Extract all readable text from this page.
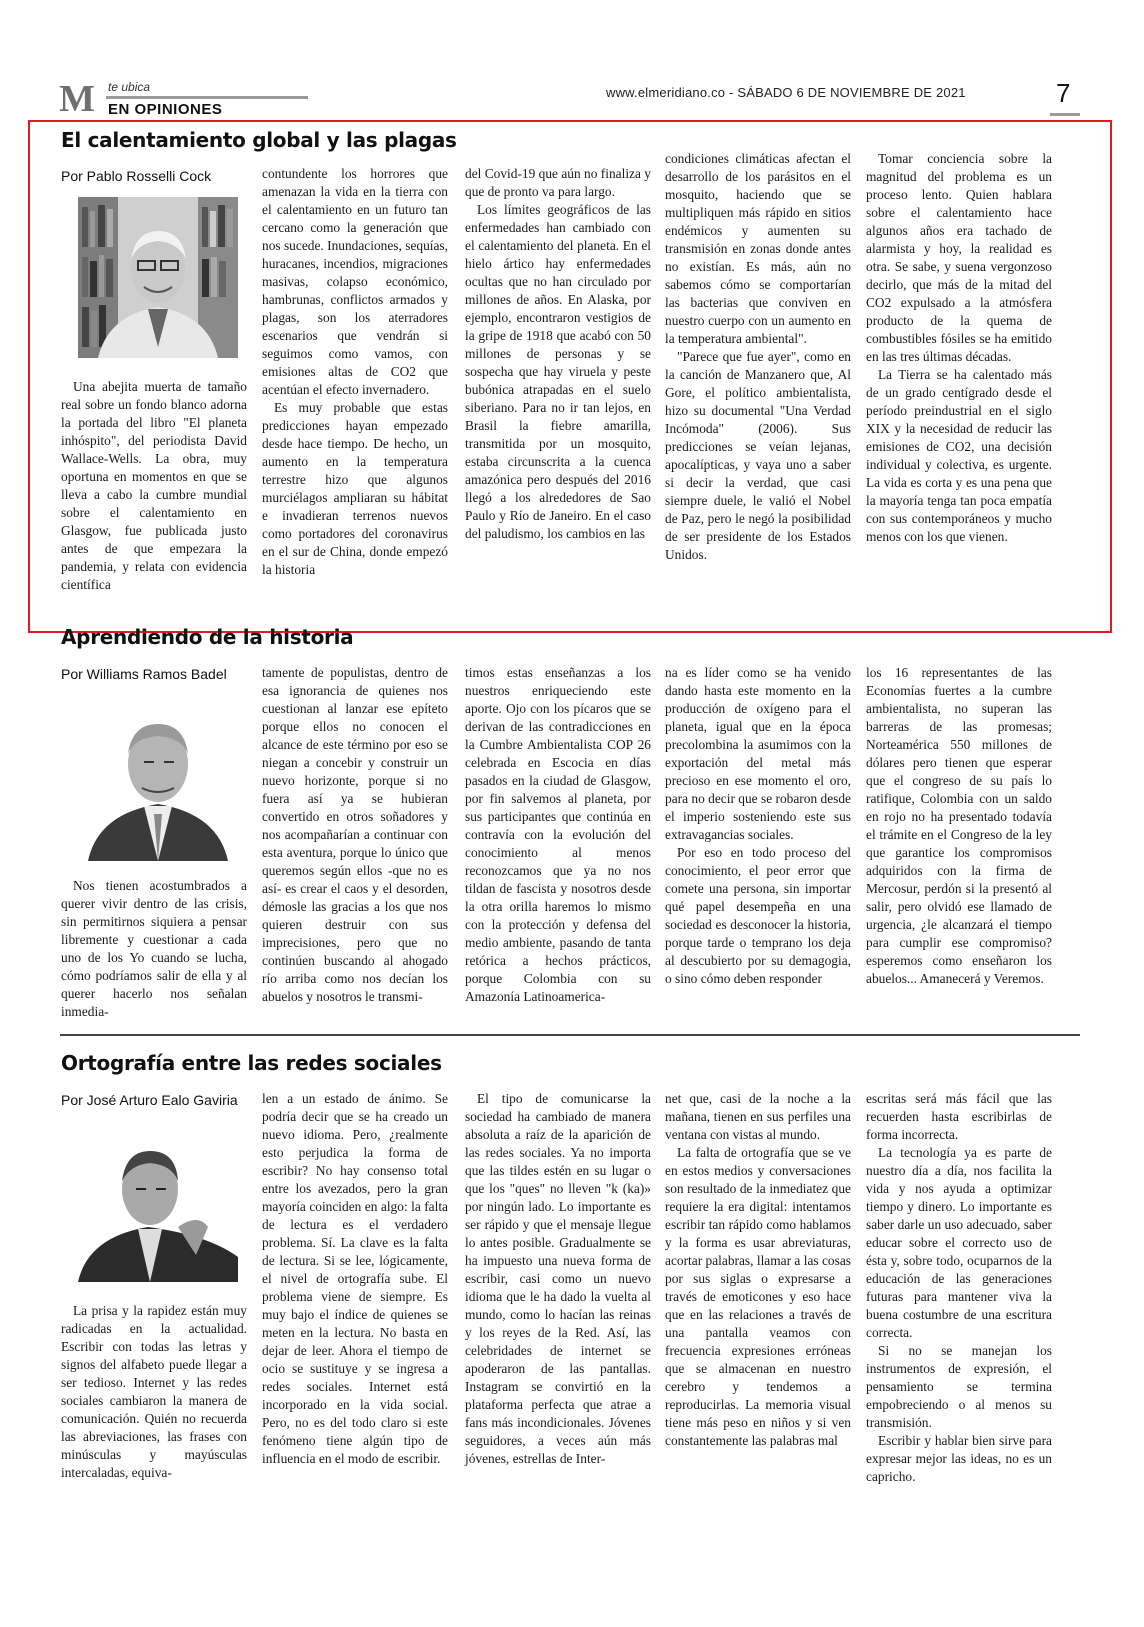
M te ubica
EN OPINIONES
www.elmeridiano.co - SÁBADO 6 DE NOVIEMBRE DE 2021	7
El calentamiento global y las plagas
Por Pablo Rosselli Cock

Una abejita muerta de tamaño real sobre un fondo blanco adorna la portada del libro "El planeta inhóspito", del periodista David Wallace-Wells. La obra, muy oportuna en momentos en que se lleva a cabo la cumbre mundial sobre el calentamiento en Glasgow, fue publicada justo antes de que empezara la pandemia, y relata con evidencia científica

contundente los horrores que amenazan la vida en la tierra con el calentamiento en un futuro tan cercano como la generación que nos sucede. Inundaciones, sequías, huracanes, incendios, migraciones masivas, colapso económico, hambrunas, conflictos armados y plagas, son los aterradores escenarios que vendrán si seguimos como vamos, con emisiones altas de CO2 que acentúan el efecto invernadero.

Es muy probable que estas predicciones hayan empezado desde hace tiempo. De hecho, un aumento en la temperatura terrestre hizo que algunos murciélagos ampliaran su hábitat e invadieran terrenos nuevos como portadores del coronavirus en el sur de China, donde empezó la historia

del Covid-19 que aún no finaliza y que de pronto va para largo.

Los límites geográficos de las enfermedades han cambiado con el calentamiento del planeta. En el hielo ártico hay enfermedades ocultas que no han circulado por millones de años. En Alaska, por ejemplo, encontraron vestigios de la gripe de 1918 que acabó con 50 millones de personas y se sospecha que hay viruela y peste bubónica atrapadas en el suelo siberiano. Para no ir tan lejos, en Brasil la fiebre amarilla, transmitida por un mosquito, estaba circunscrita a la cuenca amazónica pero después del 2016 llegó a los alrededores de Sao Paulo y Río de Janeiro. En el caso del paludismo, los cambios en las

condiciones climáticas afectan el desarrollo de los parásitos en el mosquito, haciendo que se multipliquen más rápido en sitios endémicos y aumenten su transmisión en zonas donde antes no existían. Es más, aún no sabemos cómo se comportarían las bacterias que conviven en nuestro cuerpo con un aumento en la temperatura ambiental".

"Parece que fue ayer", como en la canción de Manzanero que, Al Gore, el político ambientalista, hizo su documental "Una Verdad Incómoda" (2006). Sus predicciones se veían lejanas, apocalípticas, y vaya uno a saber si decir la verdad, que casi siempre duele, le valió el Nobel de Paz, pero le negó la posibilidad de ser presidente de los Estados Unidos.

Tomar conciencia sobre la magnitud del problema es un proceso lento. Quien hablara sobre el calentamiento hace algunos años era tachado de alarmista y hoy, la realidad es otra. Se sabe, y suena vergonzoso decirlo, que más de la mitad del CO2 expulsado a la atmósfera producto de la quema de combustibles fósiles se ha emitido en las tres últimas décadas.

La Tierra se ha calentado más de un grado centígrado desde el período preindustrial en el siglo XIX y la necesidad de reducir las emisiones de CO2, una decisión individual y colectiva, es urgente. La vida es corta y es una pena que la mayoría tenga tan poca empatía con sus contemporáneos y mucho menos con los que vienen.

Aprendiendo de la historia
Por Williams Ramos Badel

Nos tienen acostumbrados a querer vivir dentro de las crisis, sin permitirnos siquiera a pensar libremente y cuestionar a cada uno de los Yo cuando se lucha, cómo podríamos salir de ella y al querer hacerlo nos señalan inmedia-

tamente de populistas, dentro de esa ignorancia de quienes nos cuestionan al lanzar ese epíteto porque ellos no conocen el alcance de este término por eso se niegan a concebir y construir un nuevo horizonte, porque si no fuera así ya se hubieran convertido en otros soñadores y nos acompañarían a continuar con esta aventura, porque lo único que queremos según ellos -que no es así- es crear el caos y el desorden, démosle las gracias a los que nos quieren destruir con sus imprecisiones, pero que no continúen buscando al ahogado río arriba como nos decían los abuelos y nosotros le transmi-

timos estas enseñanzas a los nuestros enriqueciendo este aporte. Ojo con los pícaros que se derivan de las contradicciones en la Cumbre Ambientalista COP 26 celebrada en Escocia en días pasados en la ciudad de Glasgow, por fin salvemos al planeta, por sus participantes que continúa en contravía con la evolución del conocimiento al menos reconozcamos que ya no nos tildan de fascista y nosotros desde la otra orilla haremos lo mismo con la protección y defensa del medio ambiente, pasando de tanta retórica a hechos prácticos, porque Colombia con su Amazonía Latinoamerica-

na es líder como se ha venido dando hasta este momento en la producción de oxígeno para el planeta, igual que en la época precolombina la asumimos con la exportación del metal más precioso en ese momento el oro, para no decir que se robaron desde el imperio sosteniendo este sus extravagancias sociales.

Por eso en todo proceso del conocimiento, el peor error que comete una persona, sin importar qué papel desempeña en una sociedad es desconocer la historia, porque tarde o temprano los deja al descubierto por su demagogia, o sino cómo deben responder

los 16 representantes de las Economías fuertes a la cumbre ambientalista, no superan las barreras de las promesas; Norteamérica 550 millones de dólares pero tienen que esperar que el congreso de su país lo ratifique, Colombia con un saldo en rojo no ha presentado todavía el trámite en el Congreso de la ley que garantice los compromisos adquiridos con la firma de Mercosur, perdón si la presentó al salir, pero olvidó ese llamado de urgencia, ¿le alcanzará el tiempo para cumplir ese compromiso? esperemos como enseñaron los abuelos... Amanecerá y Veremos.

Ortografía entre las redes sociales
Por José Arturo Ealo Gaviria

La prisa y la rapidez están muy radicadas en la actualidad. Escribir con todas las letras y signos del alfabeto puede llegar a ser tedioso. Internet y las redes sociales cambiaron la manera de comunicación. Quién no recuerda las abreviaciones, las frases con minúsculas y mayúsculas intercaladas, equiva-

len a un estado de ánimo. Se podría decir que se ha creado un nuevo idioma. Pero, ¿realmente esto perjudica la forma de escribir? No hay consenso total entre los avezados, pero la gran mayoría coinciden en algo: la falta de lectura es el verdadero problema. Sí. La clave es la falta de lectura. Si se lee, lógicamente, el nivel de ortografía sube. El problema viene de siempre. Es muy bajo el índice de quienes se meten en la lectura. No basta en dejar de leer. Ahora el tiempo de ocio se sustituye y se ingresa a redes sociales. Internet está incorporado en la vida social. Pero, no es del todo claro si este fenómeno tiene algún tipo de influencia en el modo de escribir.

El tipo de comunicarse la sociedad ha cambiado de manera absoluta a raíz de la aparición de las redes sociales. Ya no importa que las tildes estén en su lugar o que los "ques" no lleven "k (ka)» por ningún lado. Lo importante es ser rápido y que el mensaje llegue lo antes posible. Gradualmente se ha impuesto una nueva forma de escribir, casi como un nuevo idioma que le ha dado la vuelta al mundo, como lo hacían las reinas y los reyes de la Red. Así, las celebridades de internet se apoderaron de las pantallas. Instagram se convirtió en la plataforma perfecta que atrae a fans más incondicionales. Jóvenes seguidores, a veces aún más jóvenes, estrellas de Inter-

net que, casi de la noche a la mañana, tienen en sus perfiles una ventana con vistas al mundo.

La falta de ortografía que se ve en estos medios y conversaciones son resultado de la inmediatez que requiere la era digital: intentamos escribir tan rápido como hablamos y la forma es usar abreviaturas, acortar palabras, llamar a las cosas por sus siglas o expresarse a través de emoticones y eso hace que en las relaciones a través de una pantalla veamos con frecuencia expresiones erróneas que se almacenan en nuestro cerebro y tendemos a reproducirlas. La memoria visual tiene más peso en niños y si ven constantemente las palabras mal

escritas será más fácil que las recuerden hasta escribirlas de forma incorrecta.

La tecnología ya es parte de nuestro día a día, nos facilita la vida y nos ayuda a optimizar tiempo y dinero. Lo importante es saber darle un uso adecuado, saber educar sobre el correcto uso de ésta y, sobre todo, ocuparnos de la educación de las generaciones futuras para mantener viva la buena costumbre de una escritura correcta.

Si no se manejan los instrumentos de expresión, el pensamiento se termina empobreciendo o al menos su transmisión.

Escribir y hablar bien sirve para expresar mejor las ideas, no es un capricho.
